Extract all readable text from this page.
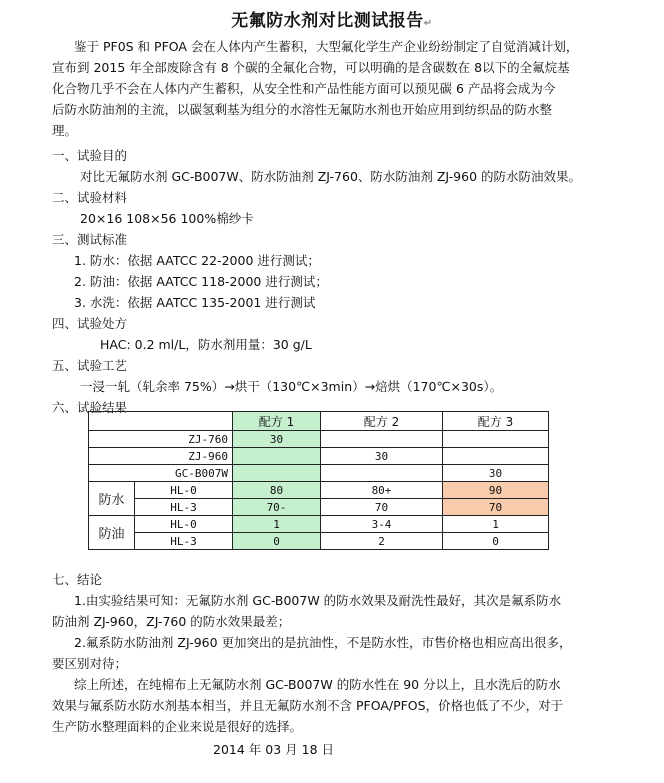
无氟防水剂对比测试报告↵
鉴于 PF0S 和 PFOA 会在人体内产生蓄积，大型氟化学生产企业纷纷制定了自觉消减计划，
宣布到 2015 年全部废除含有 8 个碳的全氟化合物，可以明确的是含碳数在 8以下的全氟烷基
化合物几乎不会在人体内产生蓄积，从安全性和产品性能方面可以预见碳 6 产品将会成为今
后防水防油剂的主流，以碳氢剩基为组分的水溶性无氟防水剂也开始应用到纺织品的防水整
理。
一、试验目的
对比无氟防水剂 GC-B007W、防水防油剂 ZJ-760、防水防油剂 ZJ-960 的防水防油效果。
二、试验材料
20×16 108×56 100%棉纱卡
三、测试标准
1. 防水：依据 AATCC 22-2000 进行测试；
2. 防油：依据 AATCC 118-2000 进行测试；
3. 水洗：依据 AATCC 135-2001 进行测试
四、试验处方
HAC: 0.2 ml/L，防水剂用量：30 g/L
五、试验工艺
一浸一轧（轧余率 75%）→烘干（130℃×3min）→焙烘（170℃×30s）。
六、试验结果
		配方 1	配方 2	配方 3
ZJ-760		30		
ZJ-960			30	
GC-B007W				30
防水	HL-0	80	80+	90
	HL-3	70-	70	70
防油	HL-0	1	3-4	1
	HL-3	0	2	0
七、结论
1.由实验结果可知：无氟防水剂 GC-B007W 的防水效果及耐洗性最好，其次是氟系防水
防油剂 ZJ-960，ZJ-760 的防水效果最差；
2.氟系防水防油剂 ZJ-960 更加突出的是抗油性，不是防水性，市售价格也相应高出很多，
要区别对待；
综上所述，在纯棉布上无氟防水剂 GC-B007W 的防水性在 90 分以上，且水洗后的防水
效果与氟系防水防水剂基本相当，并且无氟防水剂不含 PFOA/PFOS，价格也低了不少，对于
生产防水整理面料的企业来说是很好的选择。
2014 年 03 月 18 日
